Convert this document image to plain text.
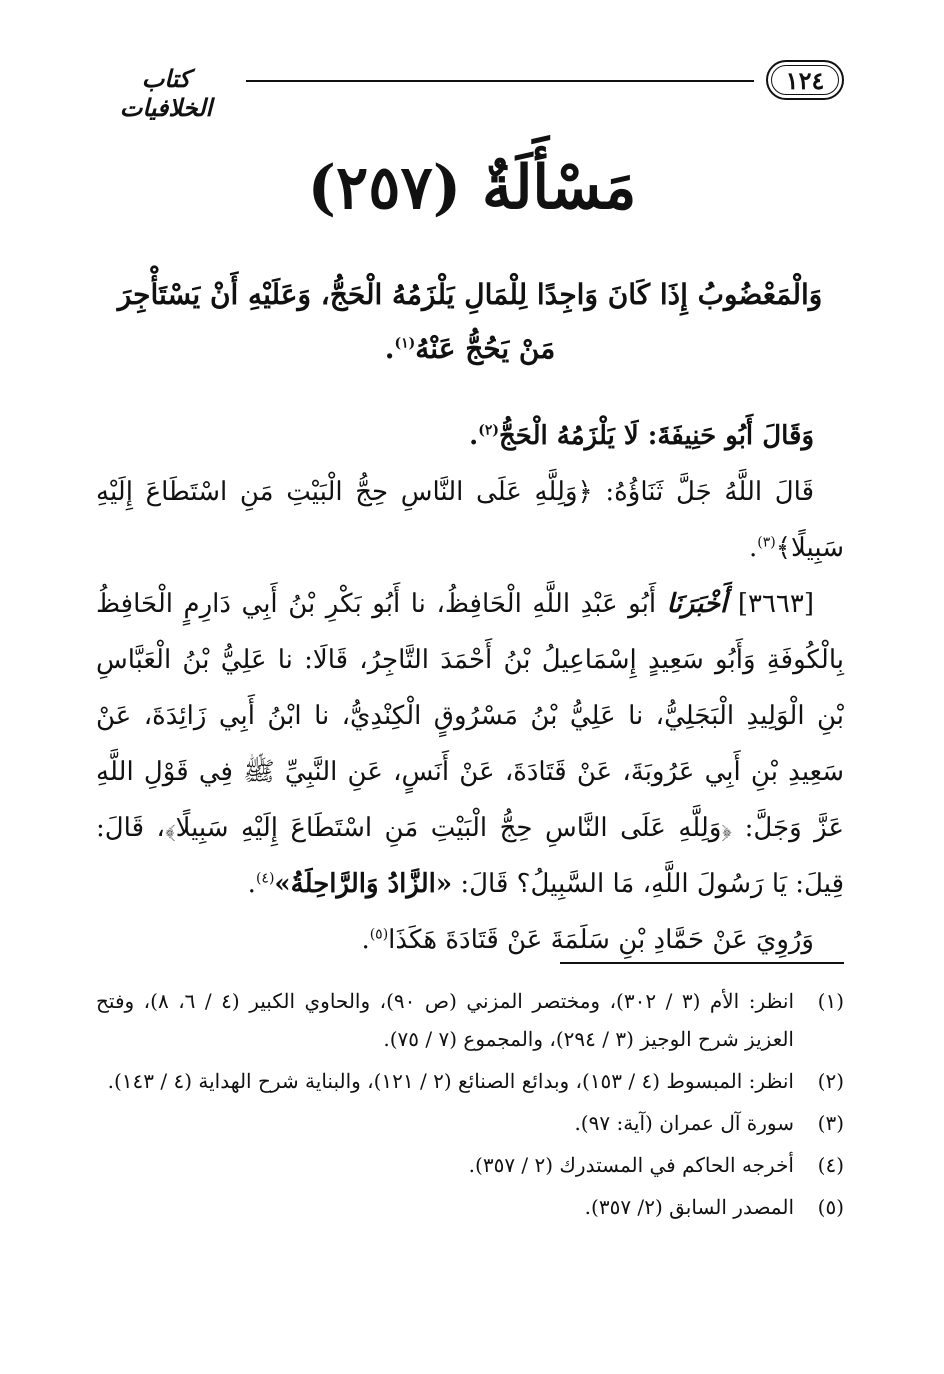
١٢٤
كتاب الخلافيات
مَسْأَلَةٌ (٢٥٧)
وَالْمَعْضُوبُ إِذَا كَانَ وَاجِدًا لِلْمَالِ يَلْزَمُهُ الْحَجُّ، وَعَلَيْهِ أَنْ يَسْتَأْجِرَ مَنْ يَحُجُّ عَنْهُ$^{(١)}$.

وَقَالَ أَبُو حَنِيفَةَ: لَا يَلْزَمُهُ الْحَجُّ$^{(٢)}$.

قَالَ اللَّهُ جَلَّ ثَنَاؤُهُ: ﴿وَلِلَّهِ عَلَى النَّاسِ حِجُّ الْبَيْتِ مَنِ اسْتَطَاعَ إِلَيْهِ سَبِيلًا﴾$^{(٣)}$.

[٣٦٦٣] أَخْبَرَنَا أَبُو عَبْدِ اللَّهِ الْحَافِظُ، نا أَبُو بَكْرِ بْنُ أَبِي دَارِمٍ الْحَافِظُ بِالْكُوفَةِ وَأَبُو سَعِيدٍ إِسْمَاعِيلُ بْنُ أَحْمَدَ التَّاجِرُ، قَالَا: نا عَلِيُّ بْنُ الْعَبَّاسِ بْنِ الْوَلِيدِ الْبَجَلِيُّ، نا عَلِيُّ بْنُ مَسْرُوقٍ الْكِنْدِيُّ، نا ابْنُ أَبِي زَائِدَةَ، عَنْ سَعِيدِ بْنِ أَبِي عَرُوبَةَ، عَنْ قَتَادَةَ، عَنْ أَنَسٍ، عَنِ النَّبِيِّ ﷺ فِي قَوْلِ اللَّهِ عَزَّ وَجَلَّ: ﴿وَلِلَّهِ عَلَى النَّاسِ حِجُّ الْبَيْتِ مَنِ اسْتَطَاعَ إِلَيْهِ سَبِيلًا﴾، قَالَ: قِيلَ: يَا رَسُولَ اللَّهِ، مَا السَّبِيلُ؟ قَالَ: «الزَّادُ وَالرَّاحِلَةُ»$^{(٤)}$.

وَرُوِيَ عَنْ حَمَّادِ بْنِ سَلَمَةَ عَنْ قَتَادَةَ هَكَذَا$^{(٥)}$.

(١)
انظر: الأم (٣ / ٣٠٢)، ومختصر المزني (ص ٩٠)، والحاوي الكبير (٤ / ٦، ٨)، وفتح العزيز شرح الوجيز (٣ / ٢٩٤)، والمجموع (٧ / ٧٥).
(٢)
انظر: المبسوط (٤ / ١٥٣)، وبدائع الصنائع (٢ / ١٢١)، والبناية شرح الهداية (٤ / ١٤٣).
(٣)
سورة آل عمران (آية: ٩٧).
(٤)
أخرجه الحاكم في المستدرك (٢ / ٣٥٧).
(٥)
المصدر السابق (٢/ ٣٥٧).
